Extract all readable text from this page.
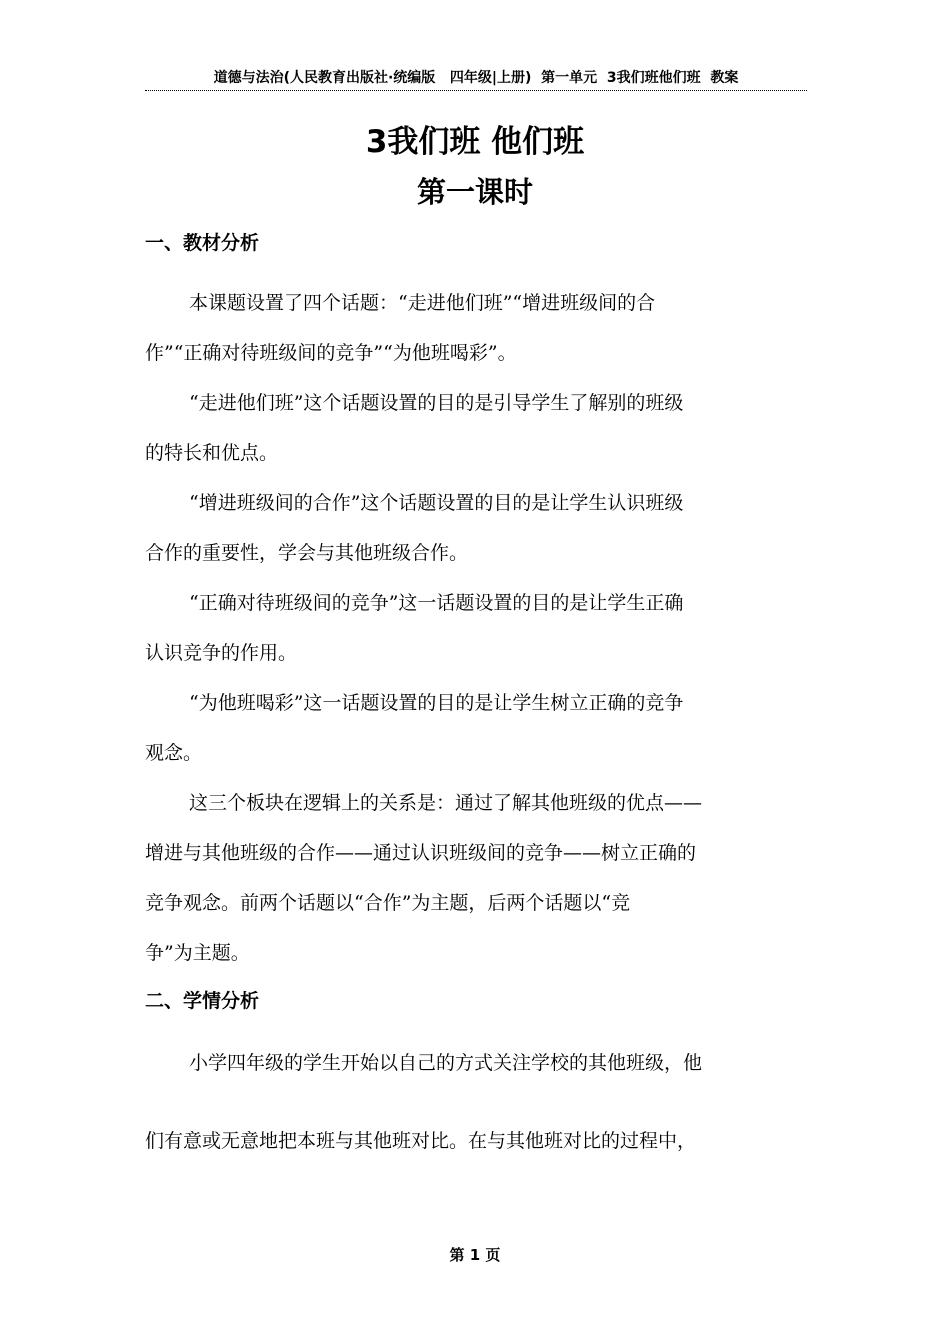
道德与法治(人民教育出版社·统编版   四年级|上册)  第一单元  3我们班他们班  教案
3我们班 他们班
第一课时
一、教材分析
本课题设置了四个话题：“走进他们班”“增进班级间的合
作”“正确对待班级间的竞争”“为他班喝彩”。
“走进他们班”这个话题设置的目的是引导学生了解别的班级
的特长和优点。
“增进班级间的合作”这个话题设置的目的是让学生认识班级
合作的重要性，学会与其他班级合作。
“正确对待班级间的竞争”这一话题设置的目的是让学生正确
认识竞争的作用。
“为他班喝彩”这一话题设置的目的是让学生树立正确的竞争
观念。
这三个板块在逻辑上的关系是：通过了解其他班级的优点——
增进与其他班级的合作——通过认识班级间的竞争——树立正确的
竞争观念。前两个话题以“合作”为主题，后两个话题以“竞
争”为主题。
二、学情分析
小学四年级的学生开始以自己的方式关注学校的其他班级，他
们有意或无意地把本班与其他班对比。在与其他班对比的过程中，
第 1 页
